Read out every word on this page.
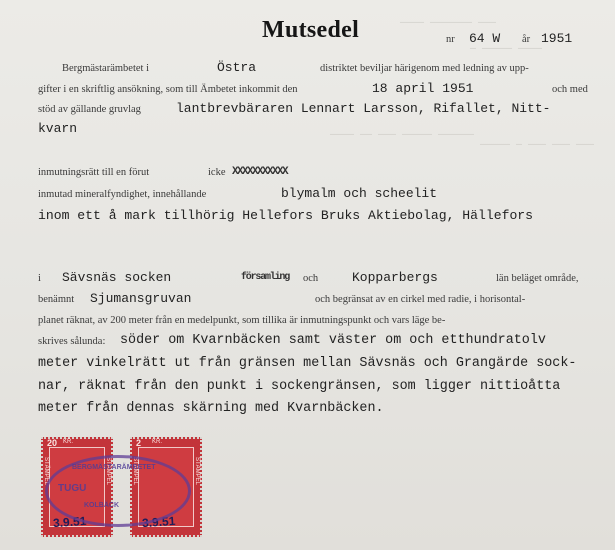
———— ——————— ———
— ————— ————
———— —— ——— ————— ——————
————— — ——— ——— ———
Mutsedel	nr 64 W år 1951
Bergmästarämbetet i	Östra	distriktet beviljar härigenom med ledning av upp-
gifter i en skriftlig ansökning, som till Ämbetet inkommit den	18 april 1951	och med
stöd av gällande gruvlag	lantbrevbäraren Lennart Larsson, Rifallet, Nitt-
kvarn
inmutningsrätt till en förut	icke XXXXXXXXXXX
inmutad mineralfyndighet, innehållande	blymalm och scheelit
inom ett å mark tillhörig Hellefors Bruks Aktiebolag, Hällefors
i Sävsnäs socken	församling och	Kopparbergs	län beläget område,
benämnt Sjumansgruvan	och begränsat av en cirkel med radie, i horisontal-
planet räknat, av 200 meter från en medelpunkt, som tillika är inmutningspunkt och vars läge be-
skrives sålunda: söder om Kvarnbäcken samt väster om och etthundratolv
meter vinkelrätt ut från gränsen mellan Sävsnäs och Grangärde sock-
nar, räknat från den punkt i sockengränsen, som ligger nittioåtta
meter från dennas skärning med Kvarnbäcken.
20 KR.
STÄMPEL	STÄMPEL
3.9.51
2 KR.
STÄMPEL	STÄMPEL
3.9.51
BERGMÄSTARÄMBETET
TUGU
KOLBÄCK
